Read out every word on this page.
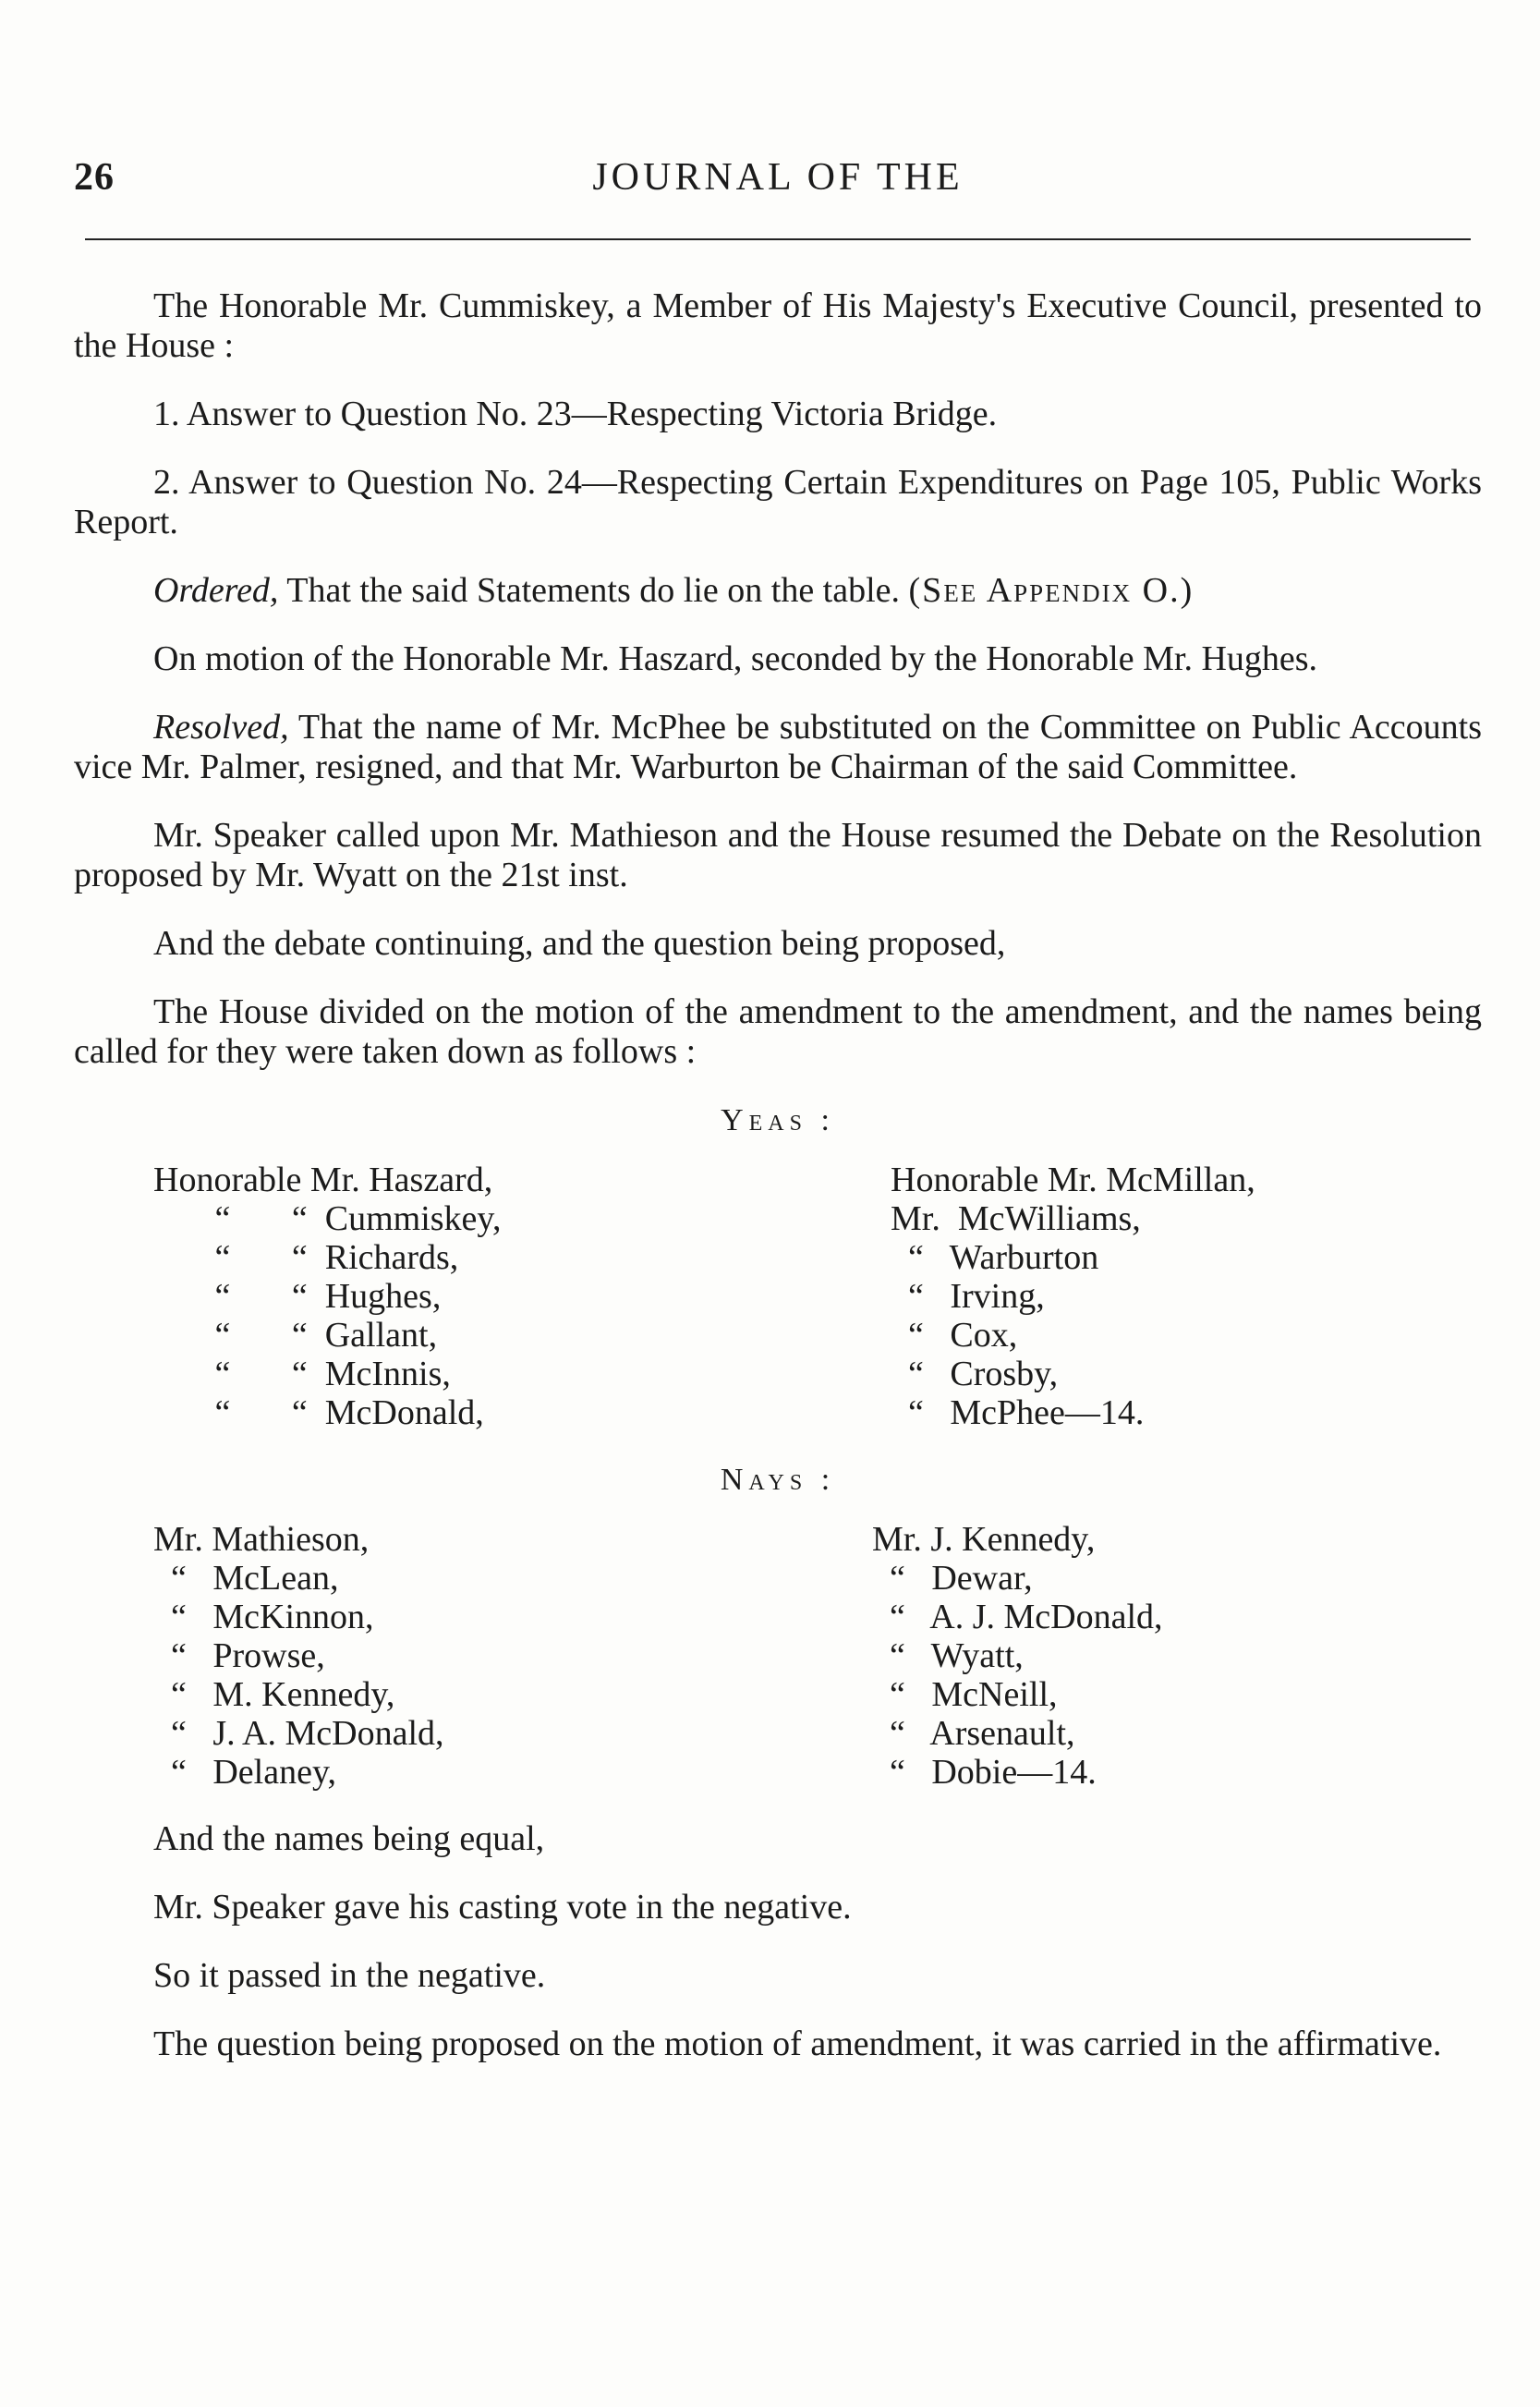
26	JOURNAL OF THE

The Honorable Mr. Cummiskey, a Member of His Majesty's Executive Council, presented to the House :

1. Answer to Question No. 23—Respecting Victoria Bridge.

2. Answer to Question No. 24—Respecting Certain Expenditures on Page 105, Public Works Report.

Ordered, That the said Statements do lie on the table. (See Appendix O.)

On motion of the Honorable Mr. Haszard, seconded by the Honorable Mr. Hughes.

Resolved, That the name of Mr. McPhee be substituted on the Committee on Public Accounts vice Mr. Palmer, resigned, and that Mr. Warburton be Chairman of the said Committee.

Mr. Speaker called upon Mr. Mathieson and the House resumed the Debate on the Resolution proposed by Mr. Wyatt on the 21st inst.

And the debate continuing, and the question being proposed,

The House divided on the motion of the amendment to the amendment, and the names being called for they were taken down as follows :

Yeas :
Honorable Mr. Haszard,
“       “  Cummiskey,
“       “  Richards,
“       “  Hughes,
“       “  Gallant,
“       “  McInnis,
“       “  McDonald,
Honorable Mr. McMillan,
Mr.  McWilliams,
“   Warburton
“   Irving,
“   Cox,
“   Crosby,
“   McPhee—14.
Nays :
Mr. Mathieson,
“   McLean,
“   McKinnon,
“   Prowse,
“   M. Kennedy,
“   J. A. McDonald,
“   Delaney,
Mr. J. Kennedy,
“   Dewar,
“   A. J. McDonald,
“   Wyatt,
“   McNeill,
“   Arsenault,
“   Dobie—14.

And the names being equal,

Mr. Speaker gave his casting vote in the negative.

So it passed in the negative.

The question being proposed on the motion of amendment, it was carried in the affirmative.
